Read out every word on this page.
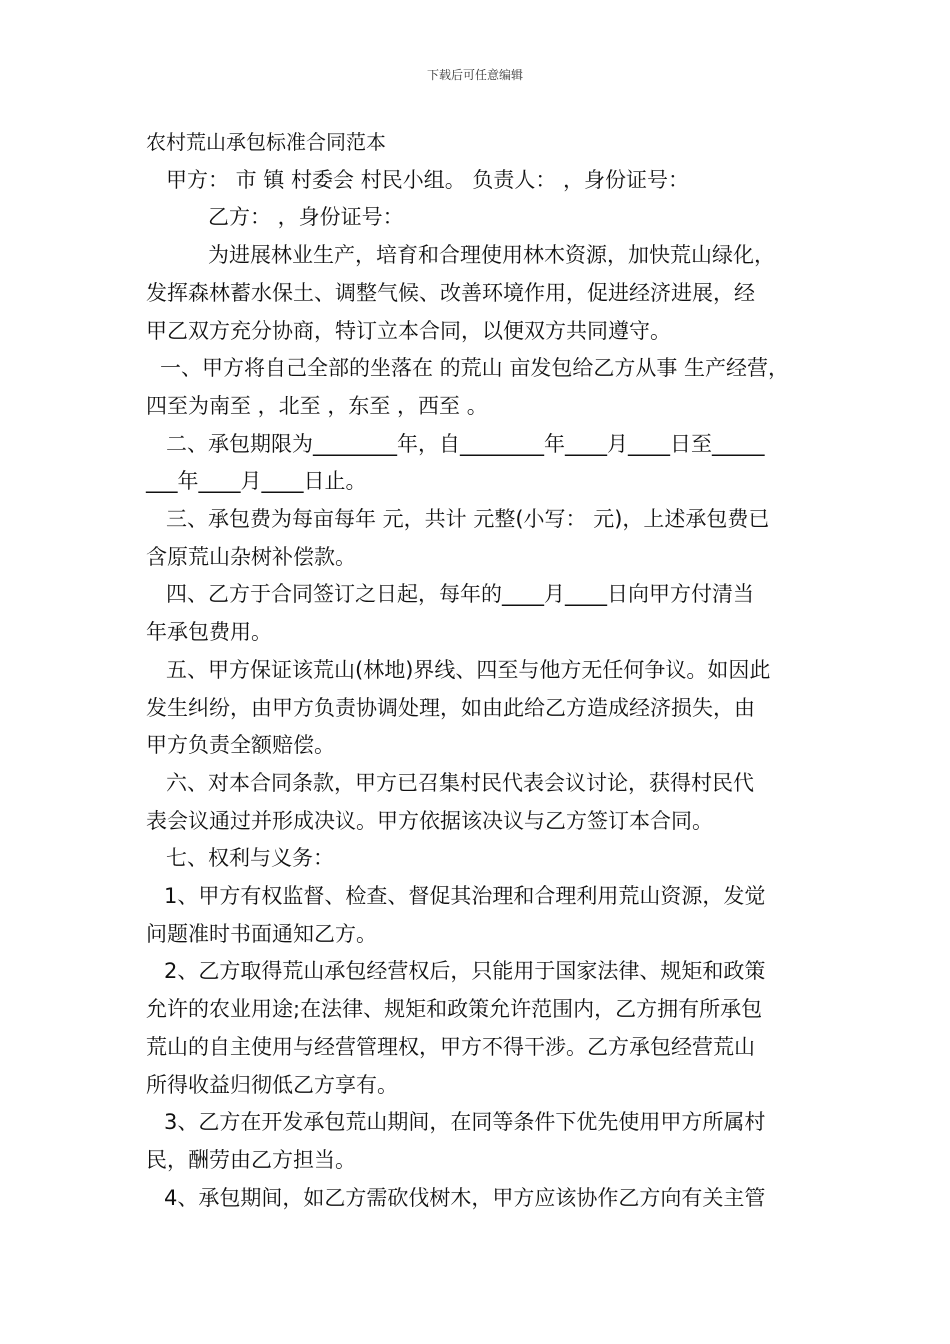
下载后可任意编辑
农村荒山承包标准合同范本
甲方： 市 镇 村委会 村民小组。 负责人： ，身份证号：
乙方： ，身份证号：
为进展林业生产，培育和合理使用林木资源，加快荒山绿化，
发挥森林蓄水保土、调整气候、改善环境作用，促进经济进展，经
甲乙双方充分协商，特订立本合同，以便双方共同遵守。
一、甲方将自己全部的坐落在 的荒山 亩发包给乙方从事 生产经营，
四至为南至 ，北至 ，东至 ，西至 。
二、承包期限为________年，自________年____月____日至_____
___年____月____日止。
三、承包费为每亩每年 元，共计 元整(小写： 元)，上述承包费已
含原荒山杂树补偿款。
四、乙方于合同签订之日起，每年的____月____日向甲方付清当
年承包费用。
五、甲方保证该荒山(林地)界线、四至与他方无任何争议。如因此
发生纠纷，由甲方负责协调处理，如由此给乙方造成经济损失，由
甲方负责全额赔偿。
六、对本合同条款，甲方已召集村民代表会议讨论，获得村民代
表会议通过并形成决议。甲方依据该决议与乙方签订本合同。
七、权利与义务：
1、甲方有权监督、检查、督促其治理和合理利用荒山资源，发觉
问题准时书面通知乙方。
2、乙方取得荒山承包经营权后，只能用于国家法律、规矩和政策
允许的农业用途;在法律、规矩和政策允许范围内，乙方拥有所承包
荒山的自主使用与经营管理权，甲方不得干涉。乙方承包经营荒山
所得收益归彻低乙方享有。
3、乙方在开发承包荒山期间，在同等条件下优先使用甲方所属村
民，酬劳由乙方担当。
4、承包期间，如乙方需砍伐树木，甲方应该协作乙方向有关主管
